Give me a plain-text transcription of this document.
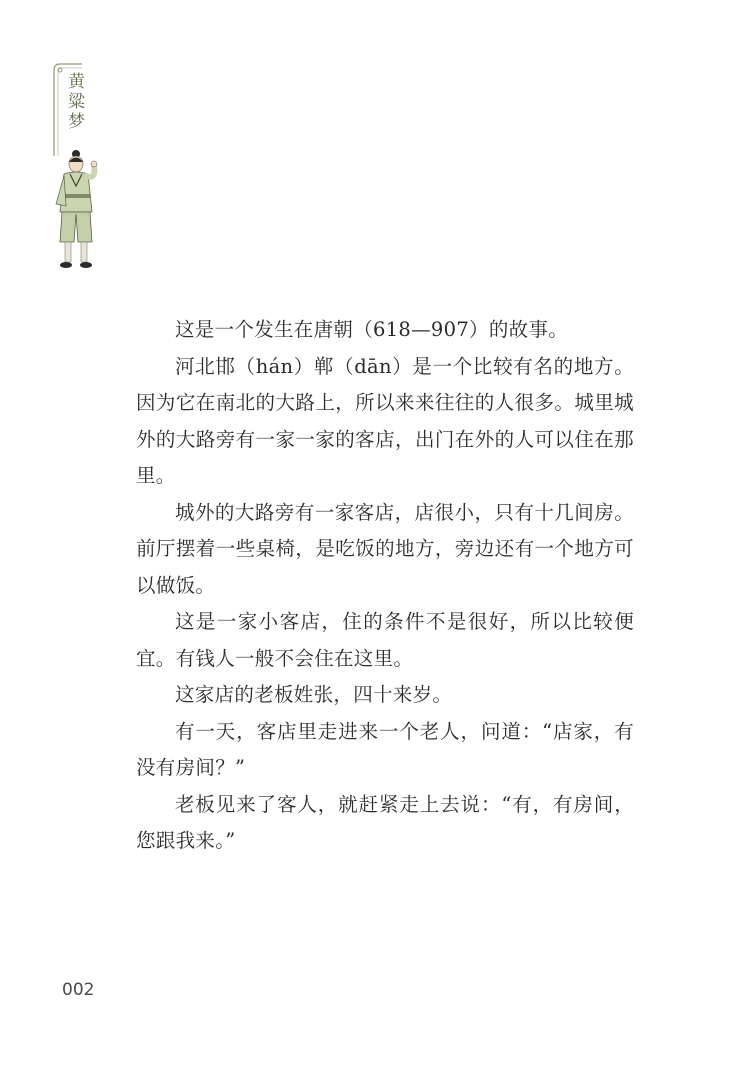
黄粱梦

这是一个发生在唐朝（618—907）的故事。

河北邯（hán）郸（dān）是一个比较有名的地方。因为它在南北的大路上，所以来来往往的人很多。城里城外的大路旁有一家一家的客店，出门在外的人可以住在那里。

城外的大路旁有一家客店，店很小，只有十几间房。前厅摆着一些桌椅，是吃饭的地方，旁边还有一个地方可以做饭。

这是一家小客店，住的条件不是很好，所以比较便宜。有钱人一般不会住在这里。

这家店的老板姓张，四十来岁。

有一天，客店里走进来一个老人，问道：“店家，有没有房间？”

老板见来了客人，就赶紧走上去说：“有，有房间，您跟我来。”

002
